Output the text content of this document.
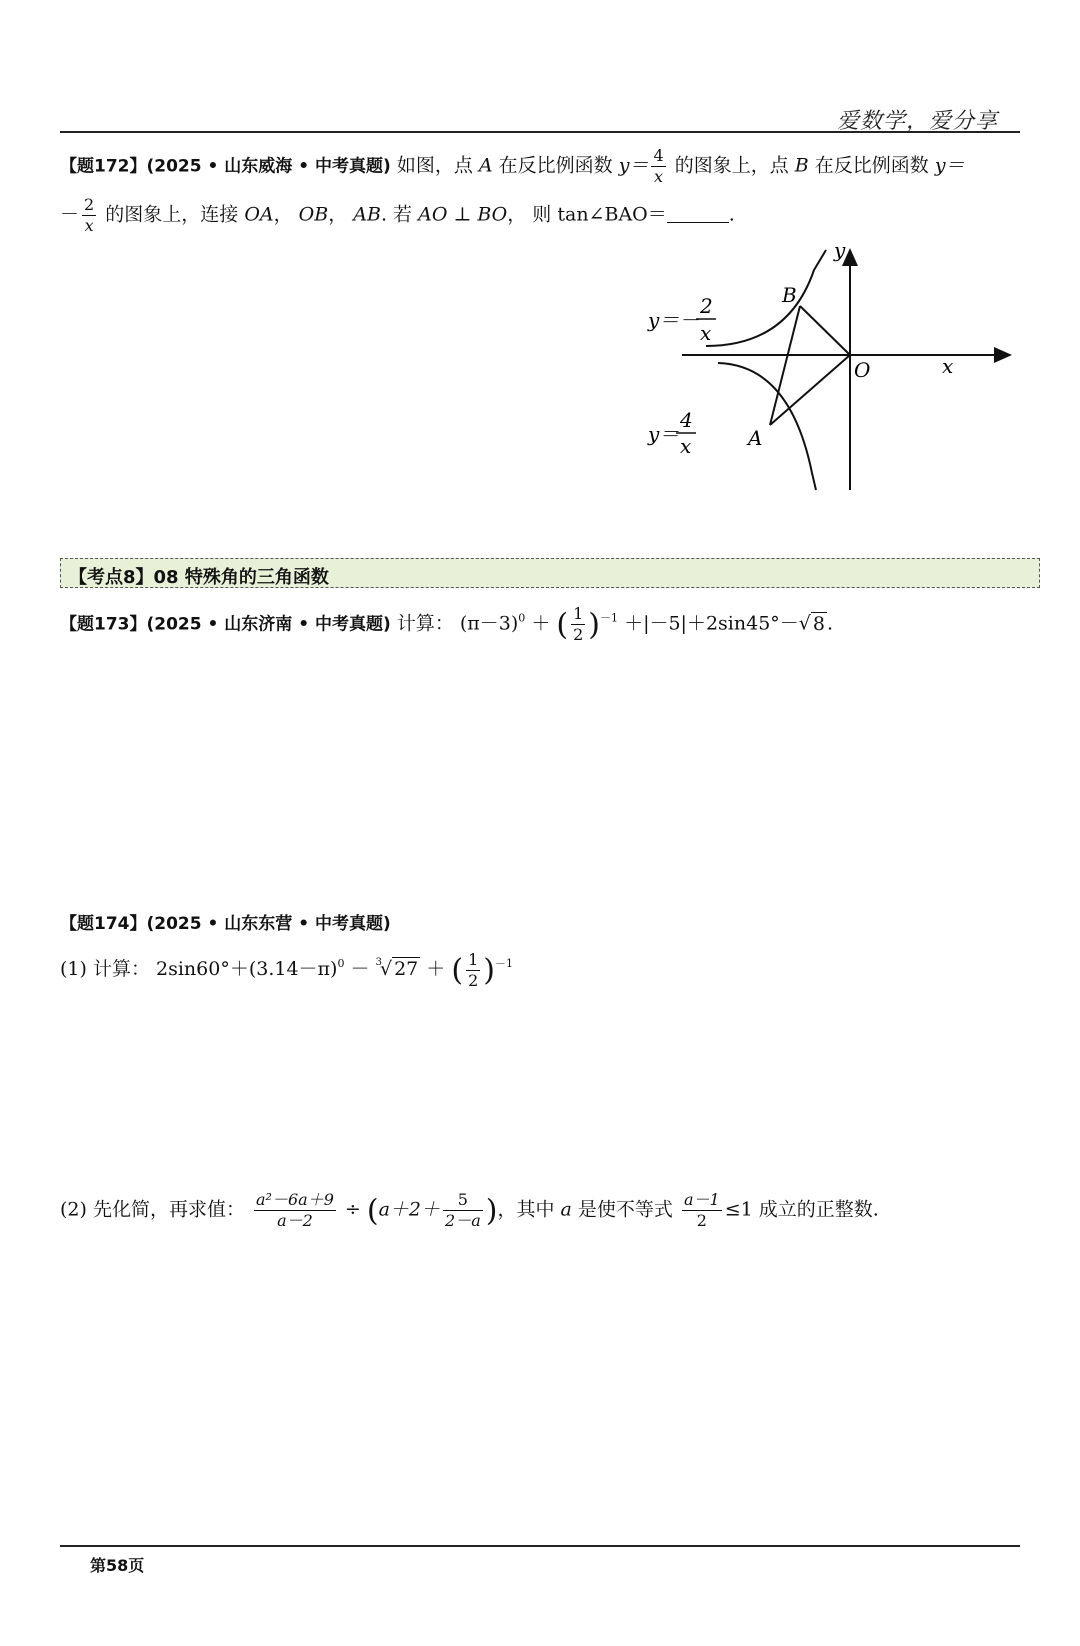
爱数学，爱分享
【题172】(2025 • 山东威海 • 中考真题) 如图，点 A 在反比例函数 $y= \frac{4}{x}$ 的图象上，点 B 在反比例函数 y＝
－ $\frac{2}{x}$ 的图象上，连接 OA， OB， AB. 若 AO ⊥ BO， 则 tan∠BAO＝	.
B
A
O	x
y
y＝－
2
x
y＝
4
x
【考点8】08 特殊角的三角函数
【题173】(2025 • 山东济南 • 中考真题) 计算： $(\pi-3)^0$ ＋ ( $\frac{1}{2} )^{-1} +|-5|+2\sin 45^\circ-√$ 8 .
【题174】(2025 • 山东东营 • 中考真题)
(1) 计算： $2\sin 60^\circ+(3.14-\pi)^0 - ^3√$ 27 ＋ ( $\frac{1}{2} )^{-1}$
(2) 先化简，再求值： $\frac{\text{a²－6a＋9}}{a-2} \div (a+2+ \frac{5}{2-a}$ )，其中 a 是使不等式 $\frac{a-1}{2} \le 1$ 成立的正整数.
第58页
